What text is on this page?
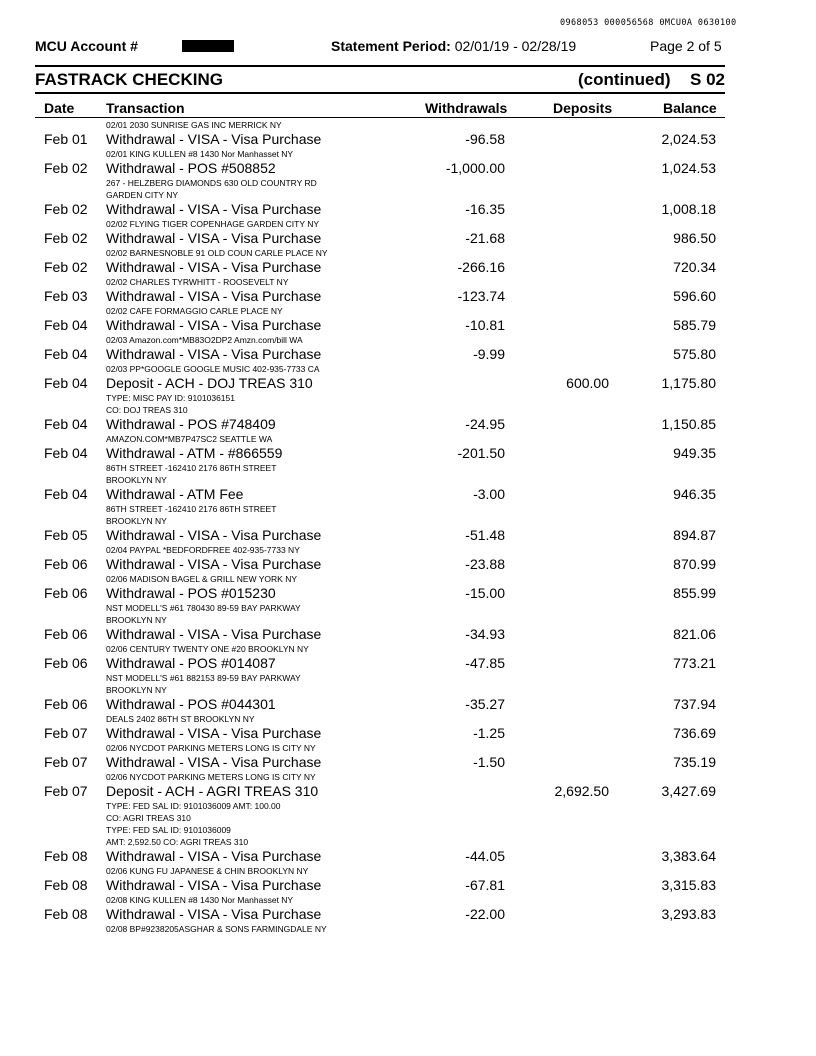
0968053 000056568 0MCU0A 0630100
MCU Account #	Statement Period: 02/01/19 - 02/28/19	Page 2 of 5
FASTRACK CHECKING	(continued) S 02
Date Transaction	Withdrawals	Deposits	Balance
02/01 2030 SUNRISE GAS INC MERRICK NY
Feb 01 Withdrawal - VISA - Visa Purchase	-96.58	2,024.53
02/01 KING KULLEN #8 1430 Nor Manhasset NY
Feb 02 Withdrawal - POS #508852	-1,000.00	1,024.53
267 - HELZBERG DIAMONDS 630 OLD COUNTRY RD
GARDEN CITY NY
Feb 02 Withdrawal - VISA - Visa Purchase	-16.35	1,008.18
02/02 FLYING TIGER COPENHAGE GARDEN CITY NY
Feb 02 Withdrawal - VISA - Visa Purchase	-21.68	986.50
02/02 BARNESNOBLE 91 OLD COUN CARLE PLACE NY
Feb 02 Withdrawal - VISA - Visa Purchase	-266.16	720.34
02/02 CHARLES TYRWHITT - ROOSEVELT NY
Feb 03 Withdrawal - VISA - Visa Purchase	-123.74	596.60
02/02 CAFE FORMAGGIO CARLE PLACE NY
Feb 04 Withdrawal - VISA - Visa Purchase	-10.81	585.79
02/03 Amazon.com*MB83O2DP2 Amzn.com/bill WA
Feb 04 Withdrawal - VISA - Visa Purchase	-9.99	575.80
02/03 PP*GOOGLE GOOGLE MUSIC 402-935-7733 CA
Feb 04 Deposit - ACH - DOJ TREAS 310	600.00	1,175.80
TYPE: MISC PAY ID: 9101036151
CO: DOJ TREAS 310
Feb 04 Withdrawal - POS #748409	-24.95	1,150.85
AMAZON.COM*MB7P47SC2 SEATTLE WA
Feb 04 Withdrawal - ATM - #866559	-201.50	949.35
86TH STREET -162410 2176 86TH STREET
BROOKLYN NY
Feb 04 Withdrawal - ATM Fee	-3.00	946.35
86TH STREET -162410 2176 86TH STREET
BROOKLYN NY
Feb 05 Withdrawal - VISA - Visa Purchase	-51.48	894.87
02/04 PAYPAL *BEDFORDFREE 402-935-7733 NY
Feb 06 Withdrawal - VISA - Visa Purchase	-23.88	870.99
02/06 MADISON BAGEL & GRILL NEW YORK NY
Feb 06 Withdrawal - POS #015230	-15.00	855.99
NST MODELL'S #61 780430 89-59 BAY PARKWAY
BROOKLYN NY
Feb 06 Withdrawal - VISA - Visa Purchase	-34.93	821.06
02/06 CENTURY TWENTY ONE #20 BROOKLYN NY
Feb 06 Withdrawal - POS #014087	-47.85	773.21
NST MODELL'S #61 882153 89-59 BAY PARKWAY
BROOKLYN NY
Feb 06 Withdrawal - POS #044301	-35.27	737.94
DEALS 2402 86TH ST BROOKLYN NY
Feb 07 Withdrawal - VISA - Visa Purchase	-1.25	736.69
02/06 NYCDOT PARKING METERS LONG IS CITY NY
Feb 07 Withdrawal - VISA - Visa Purchase	-1.50	735.19
02/06 NYCDOT PARKING METERS LONG IS CITY NY
Feb 07 Deposit - ACH - AGRI TREAS 310	2,692.50	3,427.69
TYPE: FED SAL ID: 9101036009 AMT: 100.00
CO: AGRI TREAS 310
TYPE: FED SAL ID: 9101036009
AMT: 2,592.50 CO: AGRI TREAS 310
Feb 08 Withdrawal - VISA - Visa Purchase	-44.05	3,383.64
02/06 KUNG FU JAPANESE & CHIN BROOKLYN NY
Feb 08 Withdrawal - VISA - Visa Purchase	-67.81	3,315.83
02/08 KING KULLEN #8 1430 Nor Manhasset NY
Feb 08 Withdrawal - VISA - Visa Purchase	-22.00	3,293.83
02/08 BP#9238205ASGHAR & SONS FARMINGDALE NY
